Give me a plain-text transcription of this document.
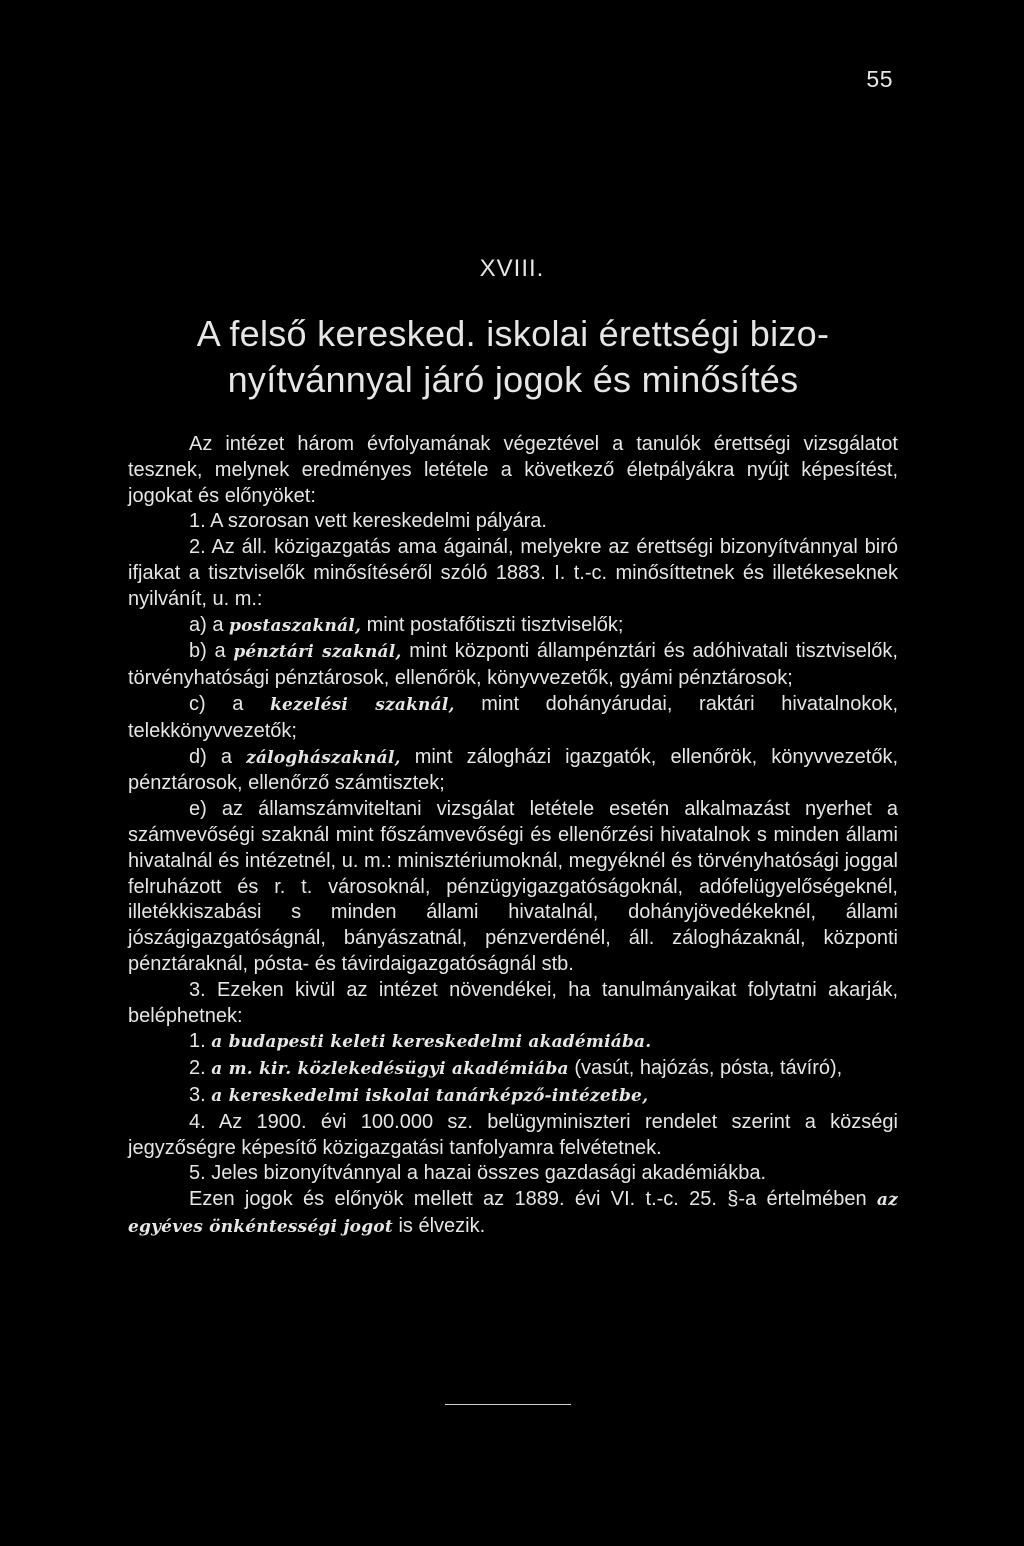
55
XVIII.
A felső keresked. iskolai érettségi bizo-
nyítvánnyal járó jogok és minősítés

Az intézet három évfolyamának végeztével a tanulók érettségi vizsgálatot tesznek, melynek eredményes letétele a következő életpályákra nyújt képesítést, jogokat és előnyöket:

1. A szorosan vett kereskedelmi pályára.

2. Az áll. közigazgatás ama ágainál, melyekre az érettségi bizonyítvánnyal biró ifjakat a tisztviselők minősítéséről szóló 1883. I. t.-c. minősíttetnek és illetékeseknek nyilvánít, u. m.:

a) a postaszaknál, mint postafőtiszti tisztviselők;

b) a pénztári szaknál, mint központi állampénztári és adóhivatali tisztviselők, törvényhatósági pénztárosok, ellenőrök, könyvvezetők, gyámi pénztárosok;

c) a kezelési szaknál, mint dohányárudai, raktári hivatalnokok, telekkönyvvezetők;

d) a záloghászaknál, mint zálogházi igazgatók, ellenőrök, könyvvezetők, pénztárosok, ellenőrző számtisztek;

e) az államszámviteltani vizsgálat letétele esetén alkalmazást nyerhet a számvevőségi szaknál mint főszámvevőségi és ellenőrzési hivatalnok s minden állami hivatalnál és intézetnél, u. m.: minisztériumoknál, megyéknél és törvényhatósági joggal felruházott és r. t. városoknál, pénzügyigazgatóságoknál, adófelügyelőségeknél, illetékkiszabási s minden állami hivatalnál, dohányjövedékeknél, állami jószágigazgatóságnál, bányászatnál, pénzverdénél, áll. zálogházaknál, központi pénztáraknál, pósta- és távirdaigazgatóságnál stb.

3. Ezeken kivül az intézet növendékei, ha tanulmányaikat folytatni akarják, beléphetnek:

1. a budapesti keleti kereskedelmi akadémiába.

2. a m. kir. közlekedésügyi akadémiába (vasút, hajózás, pósta, távíró),

3. a kereskedelmi iskolai tanárképző-intézetbe,

4. Az 1900. évi 100.000 sz. belügyminiszteri rendelet szerint a községi jegyzőségre képesítő közigazgatási tanfolyamra felvétetnek.

5. Jeles bizonyítvánnyal a hazai összes gazdasági akadémiákba.

Ezen jogok és előnyök mellett az 1889. évi VI. t.-c. 25. §-a értelmében az egyéves önkéntességi jogot is élvezik.
